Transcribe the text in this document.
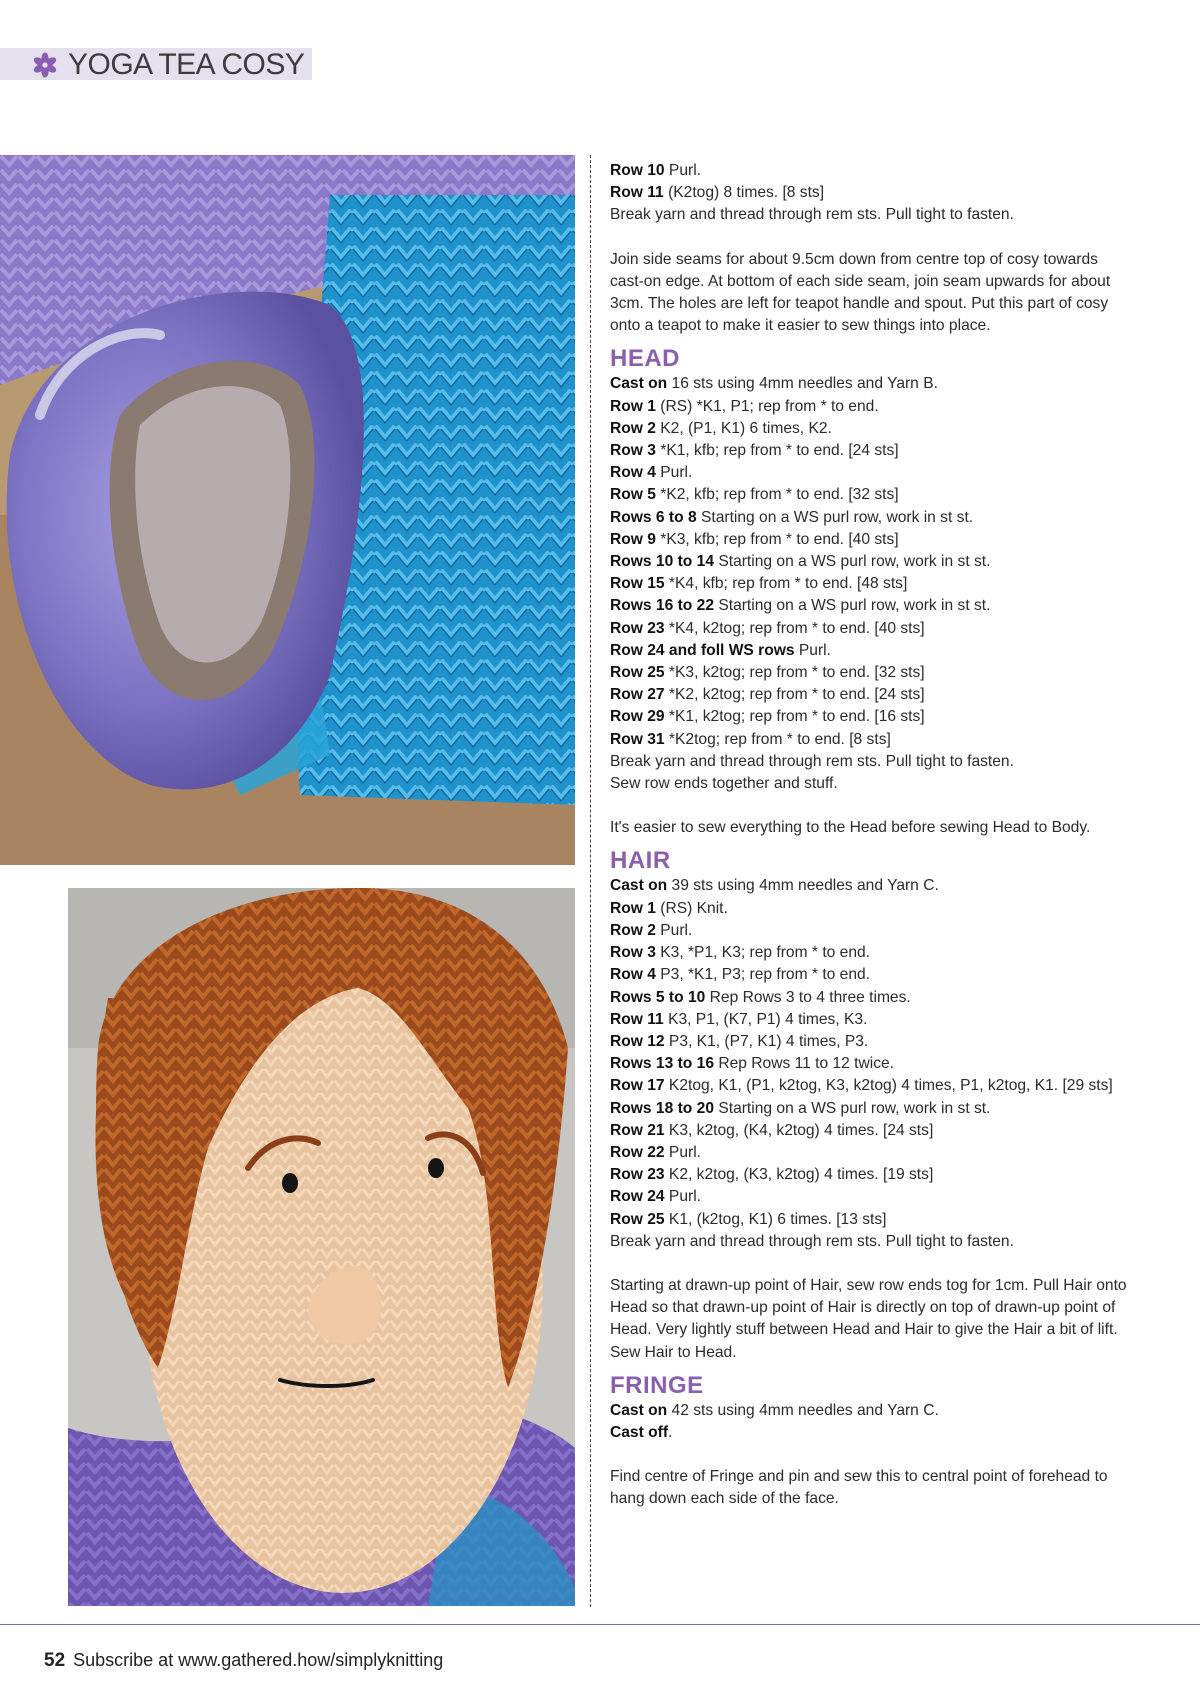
YOGA TEA COSY

Row 10 Purl.

Row 11 (K2tog) 8 times. [8 sts]

Break yarn and thread through rem sts. Pull tight to fasten.

Join side seams for about 9.5cm down from centre top of cosy towards cast-on edge. At bottom of each side seam, join seam upwards for about 3cm. The holes are left for teapot handle and spout. Put this part of cosy onto a teapot to make it easier to sew things into place.

HEAD

Cast on 16 sts using 4mm needles and Yarn B.

Row 1 (RS) *K1, P1; rep from * to end.

Row 2 K2, (P1, K1) 6 times, K2.

Row 3 *K1, kfb; rep from * to end. [24 sts]

Row 4 Purl.

Row 5 *K2, kfb; rep from * to end. [32 sts]

Rows 6 to 8 Starting on a WS purl row, work in st st.

Row 9 *K3, kfb; rep from * to end. [40 sts]

Rows 10 to 14 Starting on a WS purl row, work in st st.

Row 15 *K4, kfb; rep from * to end. [48 sts]

Rows 16 to 22 Starting on a WS purl row, work in st st.

Row 23 *K4, k2tog; rep from * to end. [40 sts]

Row 24 and foll WS rows Purl.

Row 25 *K3, k2tog; rep from * to end. [32 sts]

Row 27 *K2, k2tog; rep from * to end. [24 sts]

Row 29 *K1, k2tog; rep from * to end. [16 sts]

Row 31 *K2tog; rep from * to end. [8 sts]

Break yarn and thread through rem sts. Pull tight to fasten.

Sew row ends together and stuff.

It's easier to sew everything to the Head before sewing Head to Body.

HAIR

Cast on 39 sts using 4mm needles and Yarn C.

Row 1 (RS) Knit.

Row 2 Purl.

Row 3 K3, *P1, K3; rep from * to end.

Row 4 P3, *K1, P3; rep from * to end.

Rows 5 to 10 Rep Rows 3 to 4 three times.

Row 11 K3, P1, (K7, P1) 4 times, K3.

Row 12 P3, K1, (P7, K1) 4 times, P3.

Rows 13 to 16 Rep Rows 11 to 12 twice.

Row 17 K2tog, K1, (P1, k2tog, K3, k2tog) 4 times, P1, k2tog, K1. [29 sts]

Rows 18 to 20 Starting on a WS purl row, work in st st.

Row 21 K3, k2tog, (K4, k2tog) 4 times. [24 sts]

Row 22 Purl.

Row 23 K2, k2tog, (K3, k2tog) 4 times. [19 sts]

Row 24 Purl.

Row 25 K1, (k2tog, K1) 6 times. [13 sts]

Break yarn and thread through rem sts. Pull tight to fasten.

Starting at drawn-up point of Hair, sew row ends tog for 1cm. Pull Hair onto Head so that drawn-up point of Hair is directly on top of drawn-up point of Head. Very lightly stuff between Head and Hair to give the Hair a bit of lift. Sew Hair to Head.

FRINGE

Cast on 42 sts using 4mm needles and Yarn C.

Cast off.

Find centre of Fringe and pin and sew this to central point of forehead to hang down each side of the face.

52 Subscribe at www.gathered.how/simplyknitting
